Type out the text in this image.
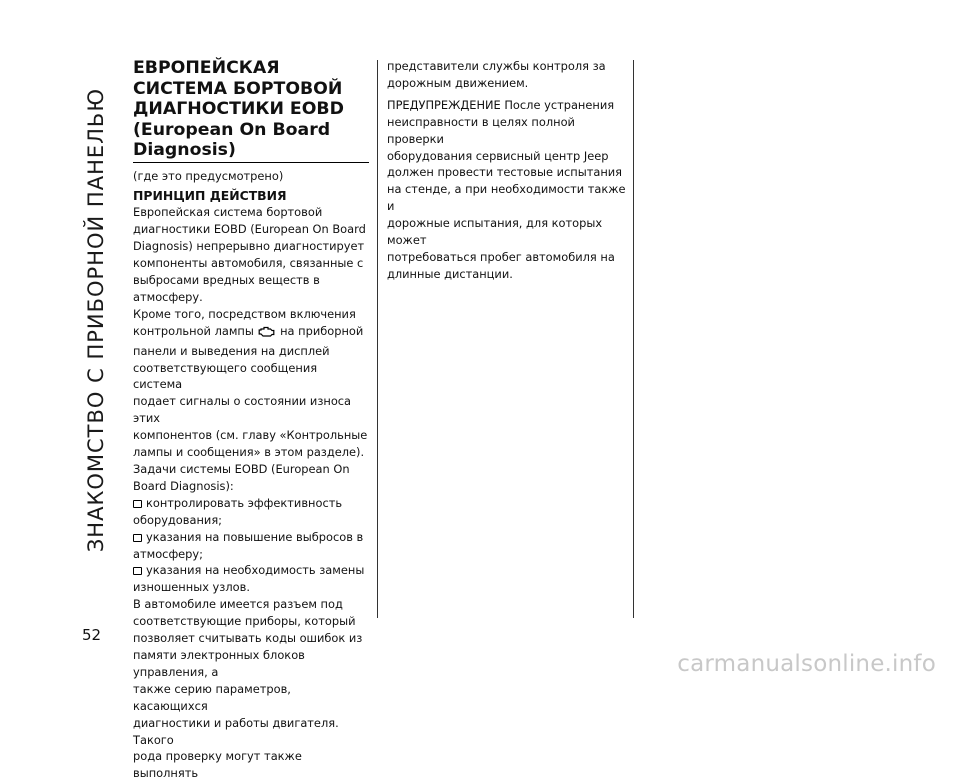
ЗНАКОМСТВО С ПРИБОРНОЙ ПАНЕЛЬЮ
52
ЕВРОПЕЙСКАЯ
СИСТЕМА БОРТОВОЙ
ДИАГНОСТИКИ EOBD
(European On Board
Diagnosis)
(где это предусмотрено)
ПРИНЦИП ДЕЙСТВИЯ
Европейская система бортовой
диагностики EOBD (European On Board
Diagnosis) непрерывно диагностирует
компоненты автомобиля, связанные с
выбросами вредных веществ в атмосферу.
Кроме того, посредством включения
контрольной лампы на приборной
панели и выведения на дисплей
соответствующего сообщения система
подает сигналы о состоянии износа этих
компонентов (см. главу «Контрольные
лампы и сообщения» в этом разделе).
Задачи системы EOBD (European On
Board Diagnosis):
контролировать эффективность
оборудования;
указания на повышение выбросов в
атмосферу;
указания на необходимость замены
изношенных узлов.
В автомобиле имеется разъем под
соответствующие приборы, который
позволяет считывать коды ошибок из
памяти электронных блоков управления, а
также серию параметров, касающихся
диагностики и работы двигателя. Такого
рода проверку могут также выполнять
представители службы контроля за
дорожным движением.
ПРЕДУПРЕЖДЕНИЕ После устранения
неисправности в целях полной проверки
оборудования сервисный центр Jeep
должен провести тестовые испытания
на стенде, а при необходимости также и
дорожные испытания, для которых может
потребоваться пробег автомобиля на
длинные дистанции.
carmanualsonline.info
